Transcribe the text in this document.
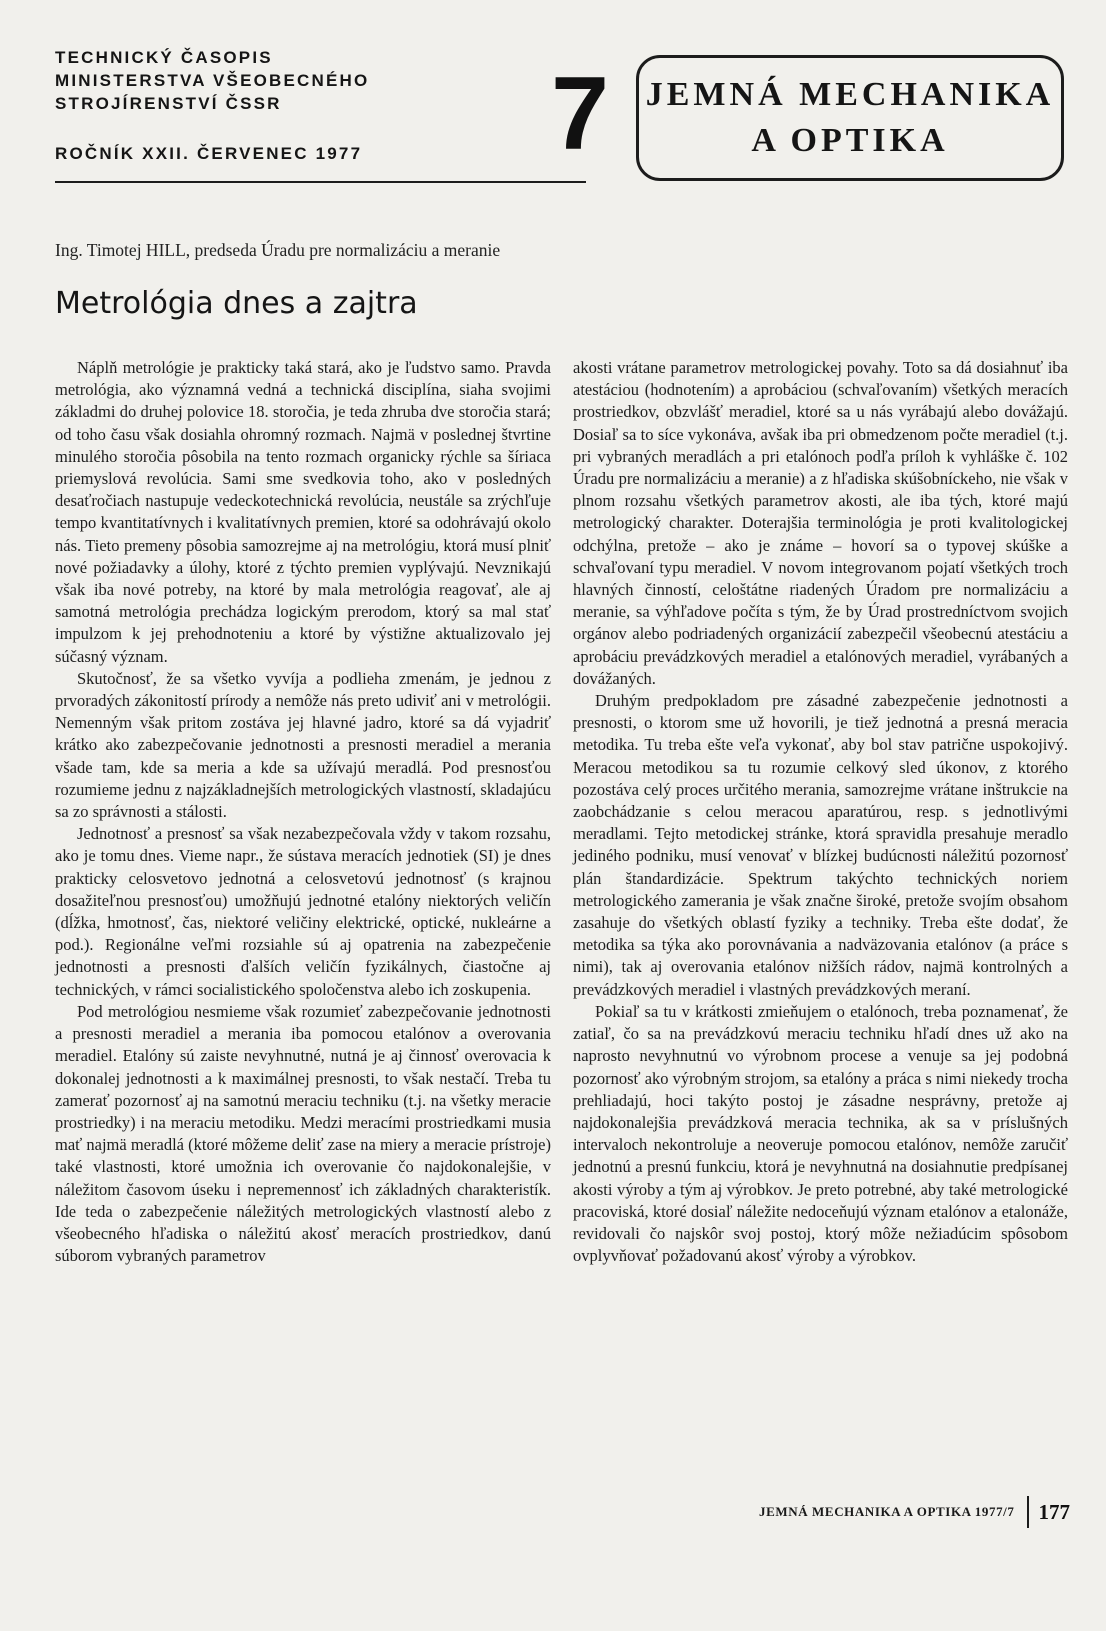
TECHNICKÝ ČASOPIS
MINISTERSTVA VŠEOBECNÉHO
STROJÍRENSTVÍ ČSSR
ROČNÍK XXII. ČERVENEC 1977	7 JEMNÁ MECHANIKA
A OPTIKA
Ing. Timotej HILL, predseda Úradu pre normalizáciu a meranie
Metrológia dnes a zajtra

Náplň metrológie je prakticky taká stará, ako je ľudstvo samo. Pravda metrológia, ako významná vedná a technická disciplína, siaha svojimi základmi do druhej polovice 18. storočia, je teda zhruba dve storočia stará; od toho času však dosiahla ohromný rozmach. Najmä v poslednej štvrtine minulého storočia pôsobila na tento rozmach organicky rýchle sa šíriaca priemyslová revolúcia. Sami sme svedkovia toho, ako v posledných desaťročiach nastupuje vedeckotechnická revolúcia, neustále sa zrýchľuje tempo kvantitatívnych i kvalitatívnych premien, ktoré sa odohrávajú okolo nás. Tieto premeny pôsobia samozrejme aj na metrológiu, ktorá musí plniť nové požiadavky a úlohy, ktoré z týchto premien vyplývajú. Nevznikajú však iba nové potreby, na ktoré by mala metrológia reagovať, ale aj samotná metrológia prechádza logickým prerodom, ktorý sa mal stať impulzom k jej prehodnoteniu a ktoré by výstižne aktualizovalo jej súčasný význam.

Skutočnosť, že sa všetko vyvíja a podlieha zmenám, je jednou z prvoradých zákonitostí prírody a nemôže nás preto udiviť ani v metrológii. Nemenným však pritom zostáva jej hlavné jadro, ktoré sa dá vyjadriť krátko ako zabezpečovanie jednotnosti a presnosti meradiel a merania všade tam, kde sa meria a kde sa užívajú meradlá. Pod presnosťou rozumieme jednu z najzákladnejších metrologických vlastností, skladajúcu sa zo správnosti a stálosti.

Jednotnosť a presnosť sa však nezabezpečovala vždy v takom rozsahu, ako je tomu dnes. Vieme napr., že sústava meracích jednotiek (SI) je dnes prakticky celosvetovo jednotná a celosvetovú jednotnosť (s krajnou dosažiteľnou presnosťou) umožňujú jednotné etalóny niektorých veličín (dĺžka, hmotnosť, čas, niektoré veličiny elektrické, optické, nukleárne a pod.). Regionálne veľmi rozsiahle sú aj opatrenia na zabezpečenie jednotnosti a presnosti ďalších veličín fyzikálnych, čiastočne aj technických, v rámci socialistického spoločenstva alebo ich zoskupenia.

Pod metrológiou nesmieme však rozumieť zabezpečovanie jednotnosti a presnosti meradiel a merania iba pomocou etalónov a overovania meradiel. Etalóny sú zaiste nevyhnutné, nutná je aj činnosť overovacia k dokonalej jednotnosti a k maximálnej presnosti, to však nestačí. Treba tu zamerať pozornosť aj na samotnú meraciu techniku (t.j. na všetky meracie prostriedky) i na meraciu metodiku. Medzi meracími prostriedkami musia mať najmä meradlá (ktoré môžeme deliť zase na miery a meracie prístroje) také vlastnosti, ktoré umožnia ich overovanie čo najdokonalejšie, v náležitom časovom úseku i nepremennosť ich základných charakteristík. Ide teda o zabezpečenie náležitých metrologických vlastností alebo z všeobecného hľadiska o náležitú akosť meracích prostriedkov, danú súborom vybraných parametrov

akosti vrátane parametrov metrologickej povahy. Toto sa dá dosiahnuť iba atestáciou (hodnotením) a aprobáciou (schvaľovaním) všetkých meracích prostriedkov, obzvlášť meradiel, ktoré sa u nás vyrábajú alebo dovážajú. Dosiaľ sa to síce vykonáva, avšak iba pri obmedzenom počte meradiel (t.j. pri vybraných meradlách a pri etalónoch podľa príloh k vyhláške č. 102 Úradu pre normalizáciu a meranie) a z hľadiska skúšobníckeho, nie však v plnom rozsahu všetkých parametrov akosti, ale iba tých, ktoré majú metrologický charakter. Doterajšia terminológia je proti kvalitologickej odchýlna, pretože – ako je známe – hovorí sa o typovej skúške a schvaľovaní typu meradiel. V novom integrovanom pojatí všetkých troch hlavných činností, celoštátne riadených Úradom pre normalizáciu a meranie, sa výhľadove počíta s tým, že by Úrad prostredníctvom svojich orgánov alebo podriadených organizácií zabezpečil všeobecnú atestáciu a aprobáciu prevádzkových meradiel a etalónových meradiel, vyrábaných a dovážaných.

Druhým predpokladom pre zásadné zabezpečenie jednotnosti a presnosti, o ktorom sme už hovorili, je tiež jednotná a presná meracia metodika. Tu treba ešte veľa vykonať, aby bol stav patrične uspokojivý. Meracou metodikou sa tu rozumie celkový sled úkonov, z ktorého pozostáva celý proces určitého merania, samozrejme vrátane inštrukcie na zaobchádzanie s celou meracou aparatúrou, resp. s jednotlivými meradlami. Tejto metodickej stránke, ktorá spravidla presahuje meradlo jediného podniku, musí venovať v blízkej budúcnosti náležitú pozornosť plán štandardizácie. Spektrum takýchto technických noriem metrologického zamerania je však značne široké, pretože svojím obsahom zasahuje do všetkých oblastí fyziky a techniky. Treba ešte dodať, že metodika sa týka ako porovnávania a nadväzovania etalónov (a práce s nimi), tak aj overovania etalónov nižších rádov, najmä kontrolných a prevádzkových meradiel i vlastných prevádzkových meraní.

Pokiaľ sa tu v krátkosti zmieňujem o etalónoch, treba poznamenať, že zatiaľ, čo sa na prevádzkovú meraciu techniku hľadí dnes už ako na naprosto nevyhnutnú vo výrobnom procese a venuje sa jej podobná pozornosť ako výrobným strojom, sa etalóny a práca s nimi niekedy trocha prehliadajú, hoci takýto postoj je zásadne nesprávny, pretože aj najdokonalejšia prevádzková meracia technika, ak sa v príslušných intervaloch nekontroluje a neoveruje pomocou etalónov, nemôže zaručiť jednotnú a presnú funkciu, ktorá je nevyhnutná na dosiahnutie predpísanej akosti výroby a tým aj výrobkov. Je preto potrebné, aby také metrologické pracoviská, ktoré dosiaľ náležite nedoceňujú význam etalónov a etalonáže, revidovali čo najskôr svoj postoj, ktorý môže nežiadúcim spôsobom ovplyvňovať požadovanú akosť výroby a výrobkov.

JEMNÁ MECHANIKA A OPTIKA 1977/7 177
